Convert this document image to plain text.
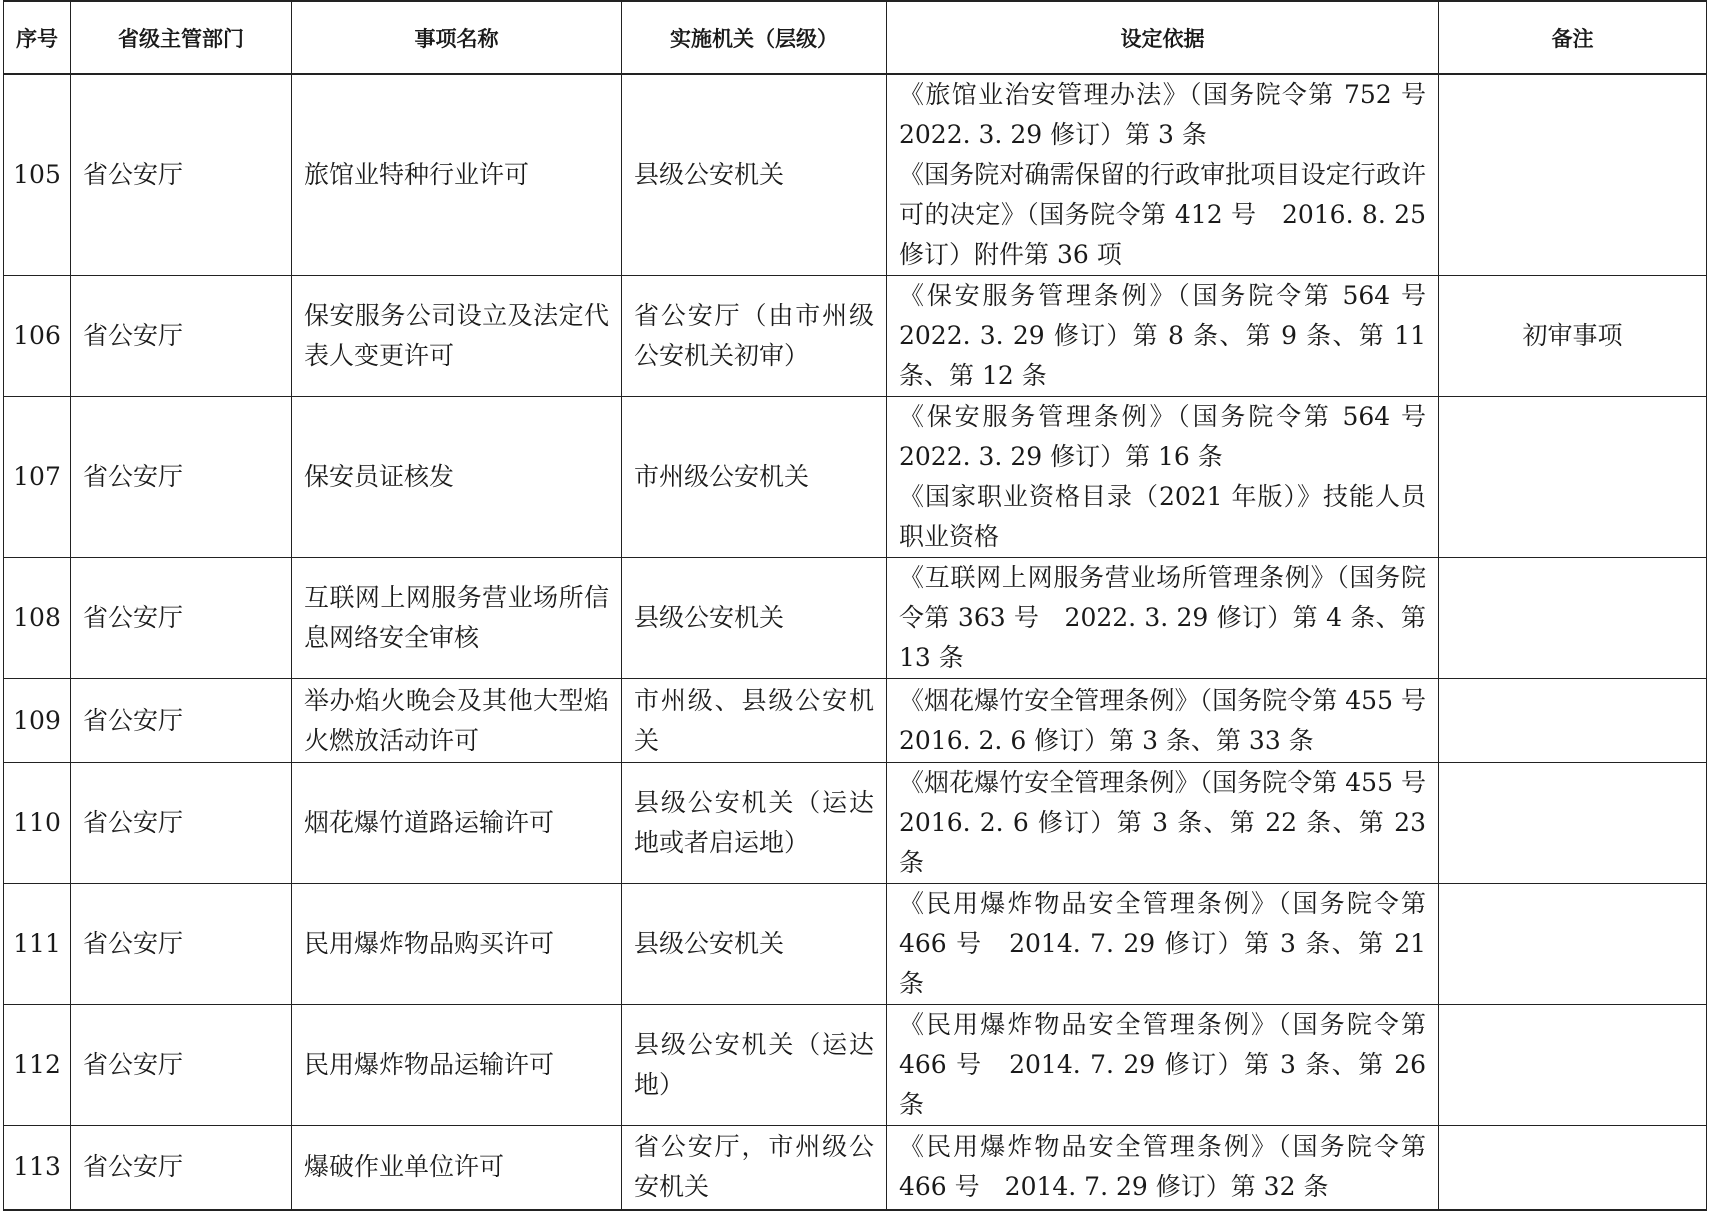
序号	省级主管部门	事项名称	实施机关（层级）	设定依据	备注
105	省公安厅	旅馆业特种行业许可	县级公安机关	《旅馆业治安管理办法》（国务院令第 752 号 2022. 3. 29 修订）第 3 条
《国务院对确需保留的行政审批项目设定行政许可的决定》（国务院令第 412 号　2016. 8. 25 修订）附件第 36 项	

106	省公安厅	保安服务公司设立及法定代表人变更许可	省公安厅（由市州级公安机关初审）	《保安服务管理条例》（国务院令第 564 号 2022. 3. 29 修订）第 8 条、第 9 条、第 11 条、第 12 条	初审事项
107	省公安厅	保安员证核发	市州级公安机关	《保安服务管理条例》（国务院令第 564 号 2022. 3. 29 修订）第 16 条
《国家职业资格目录（2021 年版）》技能人员职业资格	

108	省公安厅	互联网上网服务营业场所信息网络安全审核	县级公安机关	《互联网上网服务营业场所管理条例》（国务院令第 363 号　2022. 3. 29 修订）第 4 条、第 13 条	

109	省公安厅	举办焰火晚会及其他大型焰火燃放活动许可	市州级、县级公安机关	《烟花爆竹安全管理条例》（国务院令第 455 号 2016. 2. 6 修订）第 3 条、第 33 条	

110	省公安厅	烟花爆竹道路运输许可	县级公安机关（运达地或者启运地）	《烟花爆竹安全管理条例》（国务院令第 455 号 2016. 2. 6 修订）第 3 条、第 22 条、第 23 条	

111	省公安厅	民用爆炸物品购买许可	县级公安机关	《民用爆炸物品安全管理条例》（国务院令第 466 号　2014. 7. 29 修订）第 3 条、第 21 条	

112	省公安厅	民用爆炸物品运输许可	县级公安机关（运达地）	《民用爆炸物品安全管理条例》（国务院令第 466 号　2014. 7. 29 修订）第 3 条、第 26 条	

113	省公安厅	爆破作业单位许可	省公安厅，市州级公安机关	《民用爆炸物品安全管理条例》（国务院令第 466 号　2014. 7. 29 修订）第 32 条	
